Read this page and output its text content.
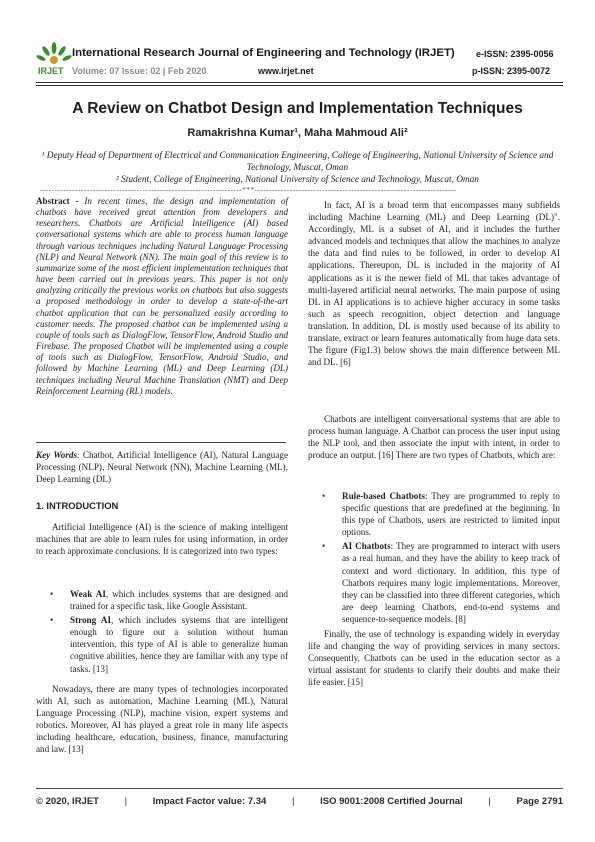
IRJET
International Research Journal of Engineering and Technology (IRJET)
Volume: 07 Issue: 02 | Feb 2020	www.irjet.net
e-ISSN: 2395-0056
p-ISSN: 2395-0072
A Review on Chatbot Design and Implementation Techniques
Ramakrishna Kumar¹, Maha Mahmoud Ali²
¹ Deputy Head of Department of Electrical and Communication Engineering, College of Engineering, National University of Science and Technology, Muscat, Oman
² Student, College of Engineering, National University of Science and Technology, Muscat, Oman
---------------------------------------------------------------------***---------------------------------------------------------------------
Abstract - In recent times, the design and implementation of chatbots have received great attention from developers and researchers. Chatbots are Artificial Intelligence (AI) based conversational systems which are able to process human language through various techniques including Natural Language Processing (NLP) and Neural Network (NN). The main goal of this review is to summarize some of the most efficient implementation techniques that have been carried out in previous years. This paper is not only analyzing critically the previous works on chatbots but also suggests a proposed methodology in order to develop a state-of-the-art chatbot application that can be personalized easily according to customer needs. The proposed chatbot can be implemented using a couple of tools such as DialogFlow, TensorFlow, Android Studio and Firebase. The proposed Chatbot will be implemented using a couple of tools such as DialogFlow, TensorFlow, Android Studio, and followed by Machine Learning (ML) and Deep Learning (DL) techniques including Neural Machine Translation (NMT) and Deep Reinforcement Learning (RL) models.
Key Words: Chatbot, Artificial Intelligence (AI), Natural Language Processing (NLP), Neural Network (NN), Machine Learning (ML), Deep Learning (DL)
1. INTRODUCTION
Artificial Intelligence (AI) is the science of making intelligent machines that are able to learn rules for using information, in order to reach approximate conclusions. It is categorized into two types:
• Weak AI, which includes systems that are designed and trained for a specific task, like Google Assistant.
• Strong AI, which includes systems that are intelligent enough to figure out a solution without human intervention, this type of AI is able to generalize human cognitive abilities, hence they are familiar with any type of tasks. [13]
Nowadays, there are many types of technologies incorporated with AI, such as automation, Machine Learning (ML), Natural Language Processing (NLP), machine vision, expert systems and robotics. Moreover, AI has played a great role in many life aspects including healthcare, education, business, finance, manufacturing and law. [13]
In fact, AI is a broad term that encompasses many subfields including Machine Learning (ML) and Deep Learning (DL)". Accordingly, ML is a subset of AI, and it includes the further advanced models and techniques that allow the machines to analyze the data and find rules to be followed, in order to develop AI applications. Thereupon, DL is included in the majority of AI applications as it is the newer field of ML that takes advantage of multi-layered artificial neural networks. The main purpose of using DL in AI applications is to achieve higher accuracy in some tasks such as speech recognition, object detection and language translation. In addition, DL is mostly used because of its ability to translate, extract or learn features automatically from huge data sets. The figure (Fig1.3) below shows the main difference between ML and DL. [6]
Chatbots are intelligent conversational systems that are able to process human language. A Chatbot can process the user input using the NLP tool, and then associate the input with intent, in order to produce an output. [16] There are two types of Chatbots, which are:
• Rule-based Chatbots: They are programmed to reply to specific questions that are predefined at the beginning. In this type of Chatbots, users are restricted to limited input options.
• AI Chatbots: They are programmed to interact with users as a real human, and they have the ability to keep track of context and word dictionary. In addition, this type of Chatbots requires many logic implementations. Moreover, they can be classified into three different categories, which are deep learning Chatbots, end-to-end systems and sequence-to-sequence models. [8]
Finally, the use of technology is expanding widely in everyday life and changing the way of providing services in many sectors. Consequently, Chatbots can be used in the education sector as a virtual assistant for students to clarify their doubts and make their life easier. [15]
© 2020, IRJET	|	Impact Factor value: 7.34	|	ISO 9001:2008 Certified Journal	|	Page 2791
